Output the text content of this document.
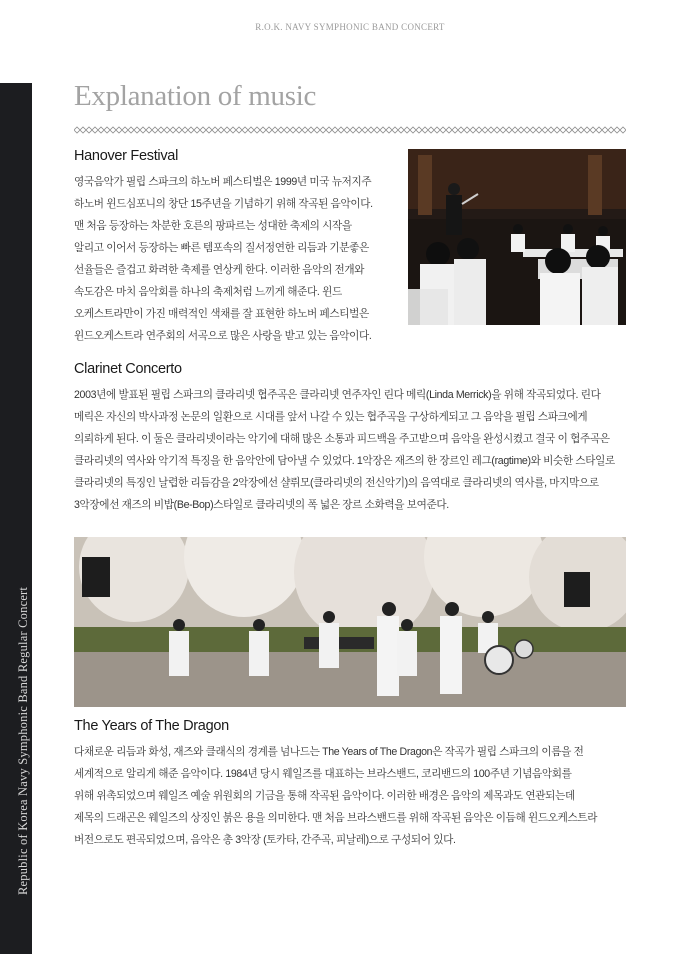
R.O.K. NAVY SYMPHONIC BAND CONCERT
Republic of Korea Navy Symphonic Band Regular Concert
Explanation of music
Hanover Festival

영국음악가 필립 스파크의 하노버 페스티벌은 1999년 미국 뉴저지주
하노버 윈드심포니의 창단 15주년을 기념하기 위해 작곡된 음악이다.
맨 처음 등장하는 차분한 호른의 팡파르는 성대한 축제의 시작을
알리고 이어서 등장하는 빠른 템포속의 질서정연한 리듬과 기분좋은
선율들은 즐겁고 화려한 축제를 연상케 한다. 이러한 음악의 전개와
속도감은 마치 음악회를 하나의 축제처럼 느끼게 해준다. 윈드
오케스트라만이 가진 매력적인 색채를 잘 표현한 하노버 페스티벌은
윈드오케스트라 연주회의 서곡으로 많은 사랑을 받고 있는 음악이다.

Clarinet Concerto

2003년에 발표된 필립 스파크의 클라리넷 협주곡은 클라리넷 연주자인 린다 메릭(Linda Merrick)을 위해 작곡되었다. 린다
메릭은 자신의 박사과정 논문의 일환으로 시대를 앞서 나갈 수 있는 협주곡을 구상하게되고 그 음악을 필립 스파크에게
의뢰하게 된다. 이 둘은 클라리넷이라는 악기에 대해 많은 소통과 피드백을 주고받으며 음악을 완성시켰고 결국 이 협주곡은
클라리넷의 역사와 악기적 특징을 한 음악안에 담아낼 수 있었다. 1악장은 재즈의 한 장르인 레그(ragtime)와 비슷한 스타일로
클라리넷의 특징인 날렵한 리듬감을 2악장에선 샬뤼모(클라리넷의 전신악기)의 음역대로 클라리넷의 역사를, 마지막으로
3악장에선 재즈의 비밥(Be-Bop)스타일로 클라리넷의 폭 넓은 장르 소화력을 보여준다.

The Years of The Dragon

다채로운 리듬과 화성, 재즈와 클래식의 경계를 넘나드는 The Years of The Dragon은 작곡가 필립 스파크의 이름을 전
세계적으로 알리게 해준 음악이다. 1984년 당시 웨일즈를 대표하는 브라스밴드, 코리밴드의 100주년 기념음악회를
위해 위촉되었으며 웨일즈 예술 위원회의 기금을 통해 작곡된 음악이다. 이러한 배경은 음악의 제목과도 연관되는데
제목의 드래곤은 웨일즈의 상징인 붉은 용을 의미한다. 맨 처음 브라스밴드를 위해 작곡된 음악은 이듬해 윈드오케스트라
버전으로도 편곡되었으며, 음악은 총 3악장 (토카타, 간주곡, 피날레)으로 구성되어 있다.
